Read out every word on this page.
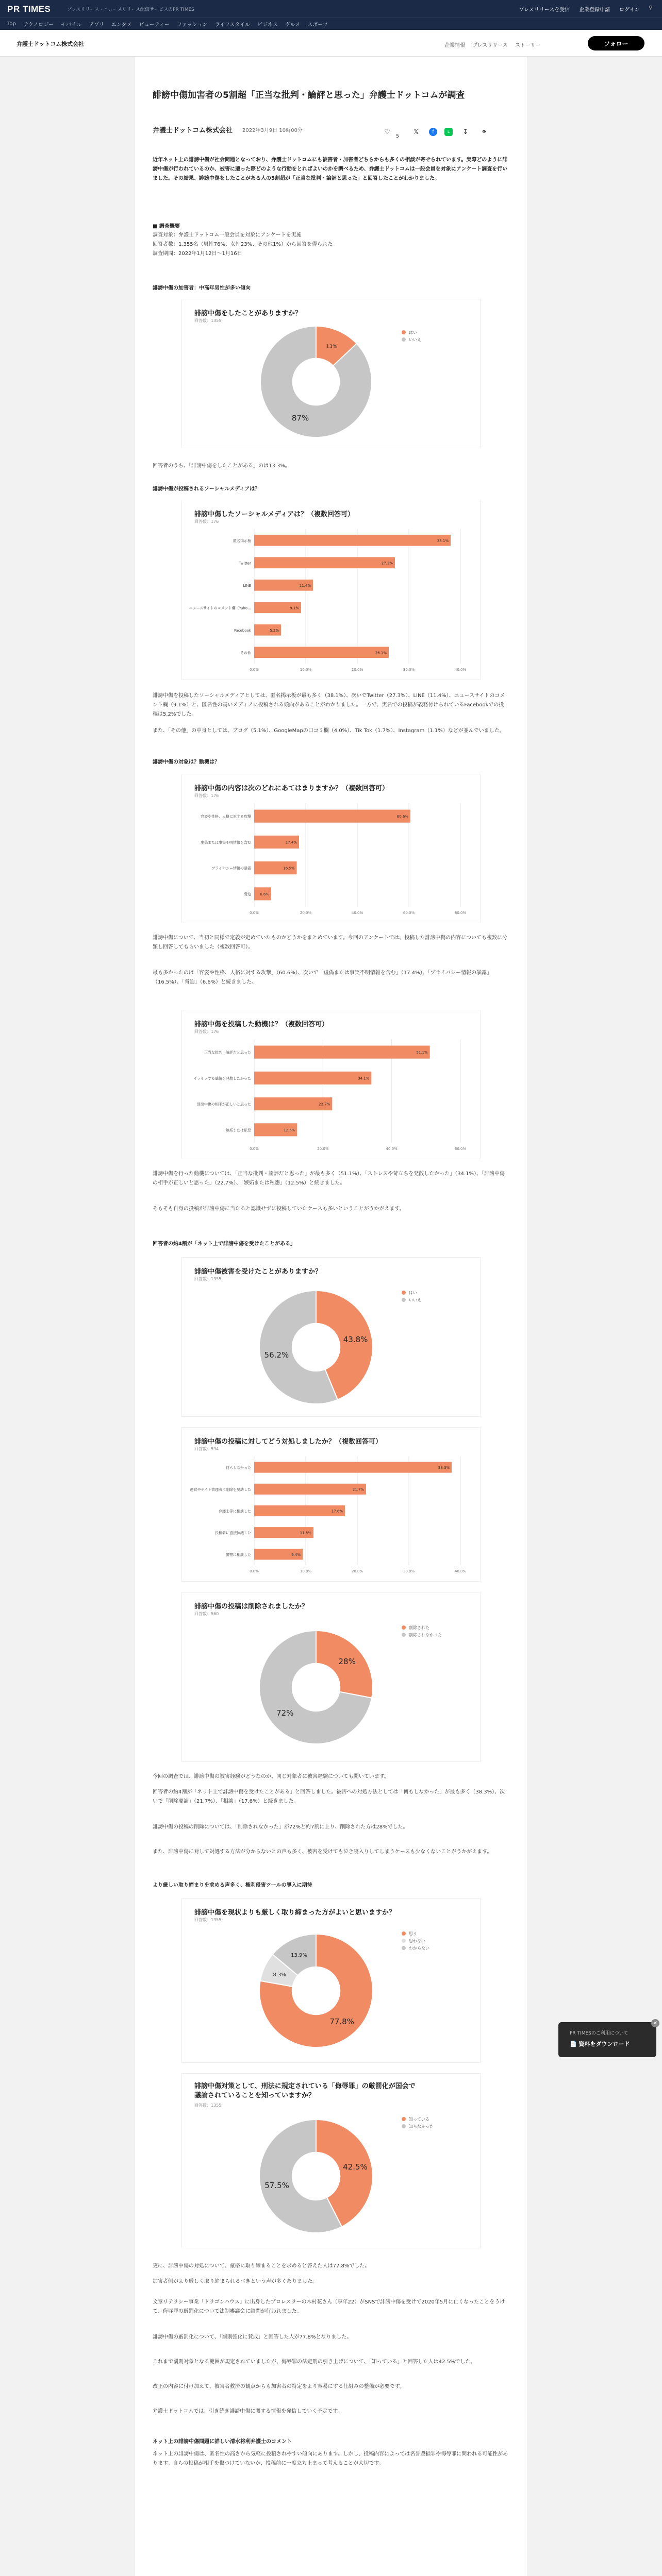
PR TIMES	プレスリリース・ニュースリリース配信サービスのPR TIMES	プレスリリースを受信 企業登録申請 ログイン ⚲
Top テクノロジー モバイル アプリ エンタメ ビューティー ファッション ライフスタイル ビジネス グルメ スポーツ
弁護士ドットコム株式会社	企業情報 プレスリリース ストーリー	フォロー
誹謗中傷加害者の5割超「正当な批判・論評と思った」弁護士ドットコムが調査
弁護士ドットコム株式会社 2022年3月9日 10時00分	♡
5
𝕏	f	L	↧	⚭
近年ネット上の誹謗中傷が社会問題となっており、弁護士ドットコムにも被害者・加害者どちらからも多くの相談が寄せられています。実際どのように誹謗中傷が行われているのか、被害に遭った際どのような行動をとればよいのかを調べるため、弁護士ドットコムは一般会員を対象にアンケート調査を行いました。その結果、誹謗中傷をしたことがある人の5割超が「正当な批判・論評と思った」と回答したことがわかりました。
■ 調査概要
調査対象：弁護士ドットコム一般会員を対象にアンケートを実施
回答者数：1,355名（男性76%、女性23%、その他1%）から回答を得られた。
調査期間：2022年1月12日〜1月16日
誹謗中傷の加害者：中高年男性が多い傾向
誹謗中傷をしたことがありますか？
回答数：1355
13%
87%
はい
いいえ
回答者のうち、「誹謗中傷をしたことがある」のは13.3%。
誹謗中傷が投稿されるソーシャルメディアは？
誹謗中傷したソーシャルメディアは？（複数回答可）
回答数：176
0.0%	10.0%	20.0%	30.0%	40.0%
38.1%
匿名掲示板
27.3%
Twitter
11.4%
LINE
9.1%
ニュースサイトのコメント欄（Yaho…
5.2%
Facebook
26.1%
その他
誹謗中傷を投稿したソーシャルメディアとしては、匿名掲示板が最も多く（38.1%）、次いでTwitter（27.3%）、LINE（11.4%）、ニュースサイトのコメント欄（9.1%）と、匿名性の高いメディアに投稿される傾向があることがわかりました。一方で、実名での投稿が義務付けられているFacebookでの投稿は5.2%でした。
また、「その他」の中身としては、ブログ（5.1%）、GoogleMapの口コミ欄（4.0%）、Tik Tok（1.7%）、Instagram（1.1%）などが並んでいました。
誹謗中傷の対象は？動機は？
誹謗中傷の内容は次のどれにあてはまりますか？（複数回答可）
回答数：176
0.0%	20.0%	40.0%	60.0%	80.0%
60.6%
容姿や性格、人格に対する攻撃
17.4%
虚偽または事実不明情報を含む
16.5%
プライバシー情報の暴露
6.6%
脅迫
誹謗中傷について、当初と同様で定義が定めていたものかどうかをまとめています。今回のアンケートでは、投稿した誹謗中傷の内容についても複数に分類し回答してもらいました（複数回答可）。
最も多かったのは「容姿や性格、人格に対する攻撃」（60.6%）、次いで「虚偽または事実不明情報を含む」（17.4%）、「プライバシー情報の暴露」（16.5%）、「脅迫」（6.6%）と続きました。
誹謗中傷を投稿した動機は？（複数回答可）
回答数：176
0.0%	20.0%	40.0%	60.0%
51.1%
正当な批判・論評だと思った
34.1%
イライラする感情を発散したかった
22.7%
誹謗中傷の相手が正しいと思った
12.5%
嫉妬または私怨
誹謗中傷を行った動機については、「正当な批判・論評だと思った」が最も多く（51.1%）、「ストレスや苛立ちを発散したかった」（34.1%）、「誹謗中傷の相手が正しいと思った」（22.7%）、「嫉妬または私怨」（12.5%）と続きました。
そもそも自身の投稿が誹謗中傷に当たると認識せずに投稿していたケースも多いということがうかがえます。
回答者の約4割が「ネット上で誹謗中傷を受けたことがある」
誹謗中傷被害を受けたことがありますか？
回答数：1355
43.8%
56.2%
はい
いいえ
誹謗中傷の投稿に対してどう対処しましたか？（複数回答可）
回答数：594
0.0%	10.0%	20.0%	30.0%	40.0%
38.3%
何もしなかった
21.7%
運営やサイト管理者に削除を要請した
17.6%
弁護士等に相談した
11.5%
投稿者に直接抗議した
9.4%
警察に相談した
誹謗中傷の投稿は削除されましたか？
回答数：560
28%
72%
削除された
削除されなかった
今回の調査では、誹謗中傷の被害経験がどうなのか、同じ対象者に被害経験についても聞いています。
回答者の約4割が「ネット上で誹謗中傷を受けたことがある」と回答しました。被害への対処方法としては「何もしなかった」が最も多く（38.3%）、次いで「削除要請」（21.7%）、「相談」（17.6%）と続きました。
誹謗中傷の投稿の削除については、「削除されなかった」が72%と約7割に上り、削除された方は28%でした。
また、誹謗中傷に対して対処する方法が分からないとの声も多く、被害を受けても泣き寝入りしてしまうケースも少なくないことがうかがえます。
より厳しい取り締まりを求める声多く、権利侵害ツールの導入に期待
誹謗中傷を現状よりも厳しく取り締まった方がよいと思いますか？
回答数：1355
77.8%
8.3%
13.9%
思う
思わない
わからない
誹謗中傷対策として、刑法に規定されている「侮辱罪」の厳罰化が国会で議論されていることを知っていますか？
回答数：1355
42.5%
57.5%
知っている
知らなかった
更に、誹謗中傷の対処について、厳格に取り締まることを求めると答えた人は77.8%でした。
加害者側がより厳しく取り締まられるべきという声が多くありました。
文章リテラシー事業「ドラゴンハウス」に出身したプロレスラーの木村花さん（享年22）がSNSで誹謗中傷を受けて2020年5月に亡くなったことをうけて、侮辱罪の厳罰化について法制審議会に諮問が行われました。
誹謗中傷の厳罰化について、「罰則強化に賛成」と回答した人が77.8%となりました。
これまで罰則対象となる範囲が規定されていましたが、侮辱罪の法定刑の引き上げについて、「知っている」と回答した人は42.5%でした。
改正の内容に付け加えて、被害者救済の観点からも加害者の特定をより容易にする仕組みの整備が必要です。
弁護士ドットコムでは、引き続き誹謗中傷に関する情報を発信していく予定です。
ネット上の誹謗中傷問題に詳しい清水将利弁護士のコメント
ネット上の誹謗中傷は、匿名性の高さから気軽に投稿されやすい傾向にあります。しかし、投稿内容によっては名誉毀損罪や侮辱罪に問われる可能性があります。自らの投稿が相手を傷つけていないか、投稿前に一度立ち止まって考えることが大切です。
✕
PR TIMESのご利用について
📄 資料をダウンロード
